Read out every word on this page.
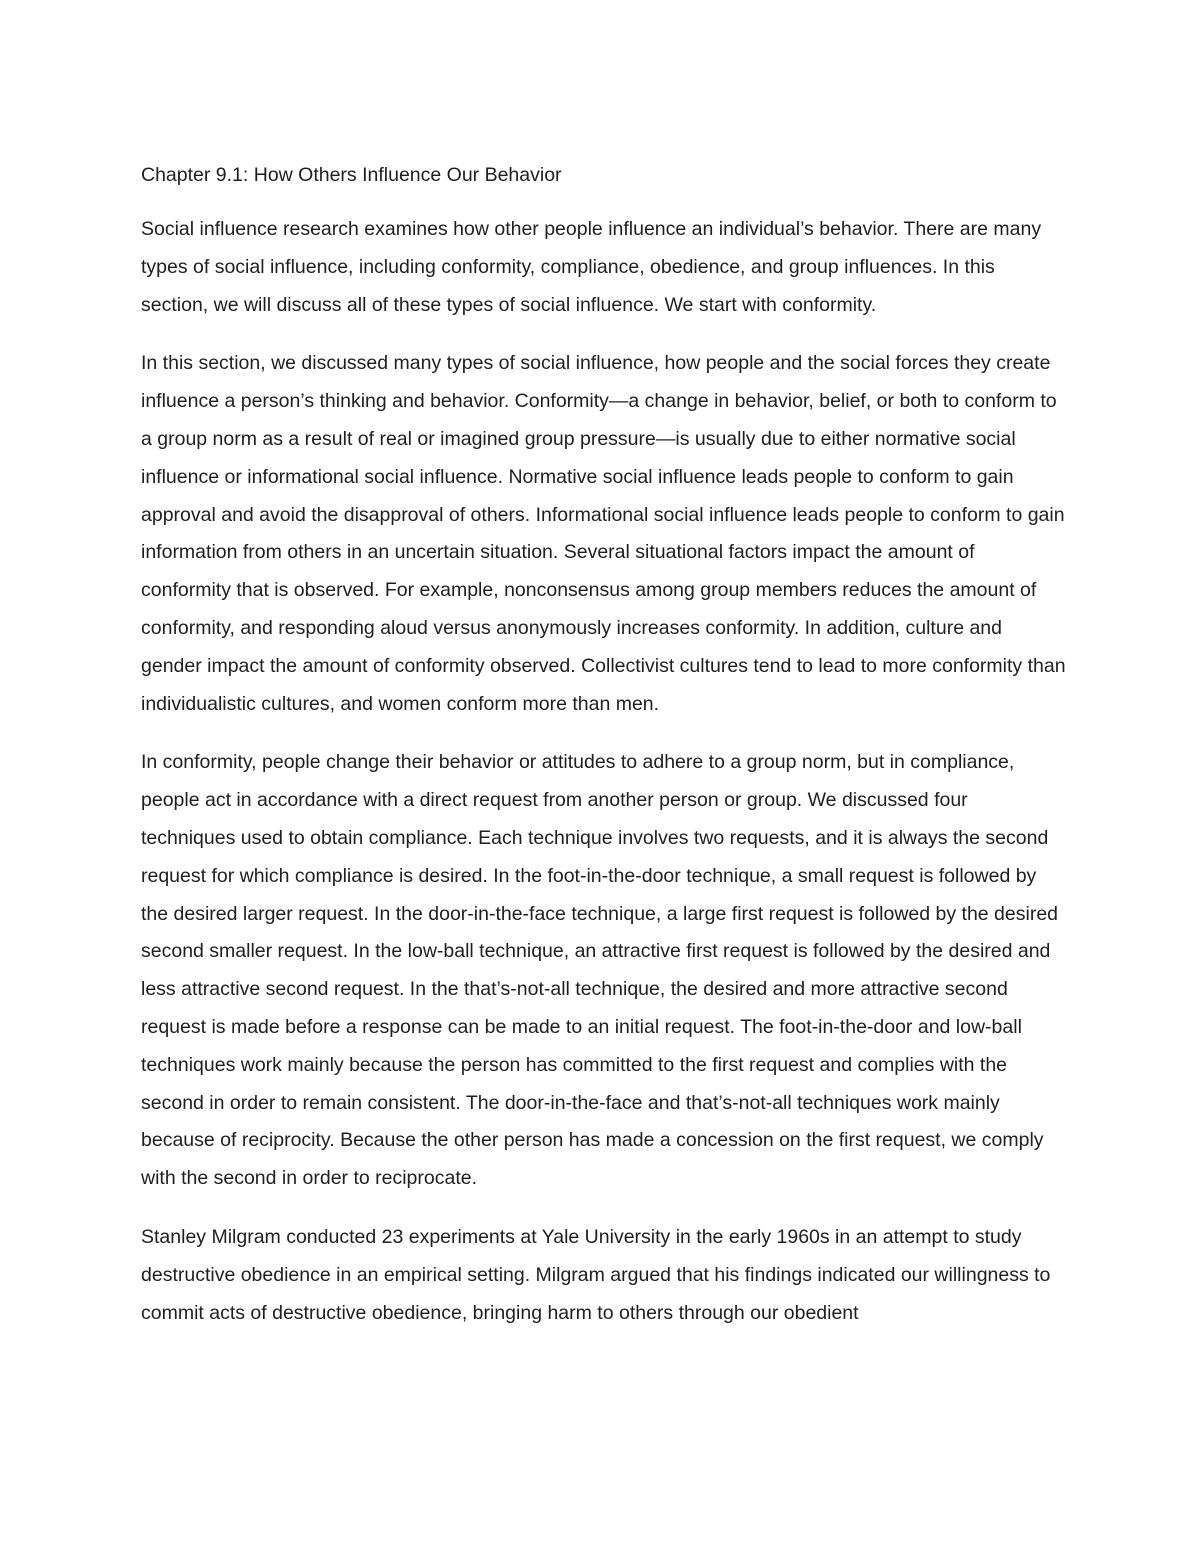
Chapter 9.1: How Others Influence Our Behavior

Social influence research examines how other people influence an individual’s behavior. There are many types of social influence, including conformity, compliance, obedience, and group influences. In this section, we will discuss all of these types of social influence. We start with conformity.

In this section, we discussed many types of social influence, how people and the social forces they create influence a person’s thinking and behavior. Conformity—a change in behavior, belief, or both to conform to a group norm as a result of real or imagined group pressure—is usually due to either normative social influence or informational social influence. Normative social influence leads people to conform to gain approval and avoid the disapproval of others. Informational social influence leads people to conform to gain information from others in an uncertain situation. Several situational factors impact the amount of conformity that is observed. For example, nonconsensus among group members reduces the amount of conformity, and responding aloud versus anonymously increases conformity. In addition, culture and gender impact the amount of conformity observed. Collectivist cultures tend to lead to more conformity than individualistic cultures, and women conform more than men.

In conformity, people change their behavior or attitudes to adhere to a group norm, but in compliance, people act in accordance with a direct request from another person or group. We discussed four techniques used to obtain compliance. Each technique involves two requests, and it is always the second request for which compliance is desired. In the foot-in-the-door technique, a small request is followed by the desired larger request. In the door-in-the-face technique, a large first request is followed by the desired second smaller request. In the low-ball technique, an attractive first request is followed by the desired and less attractive second request. In the that’s-not-all technique, the desired and more attractive second request is made before a response can be made to an initial request. The foot-in-the-door and low-ball techniques work mainly because the person has committed to the first request and complies with the second in order to remain consistent. The door-in-the-face and that’s-not-all techniques work mainly because of reciprocity. Because the other person has made a concession on the first request, we comply with the second in order to reciprocate.

Stanley Milgram conducted 23 experiments at Yale University in the early 1960s in an attempt to study destructive obedience in an empirical setting. Milgram argued that his findings indicated our willingness to commit acts of destructive obedience, bringing harm to others through our obedient
